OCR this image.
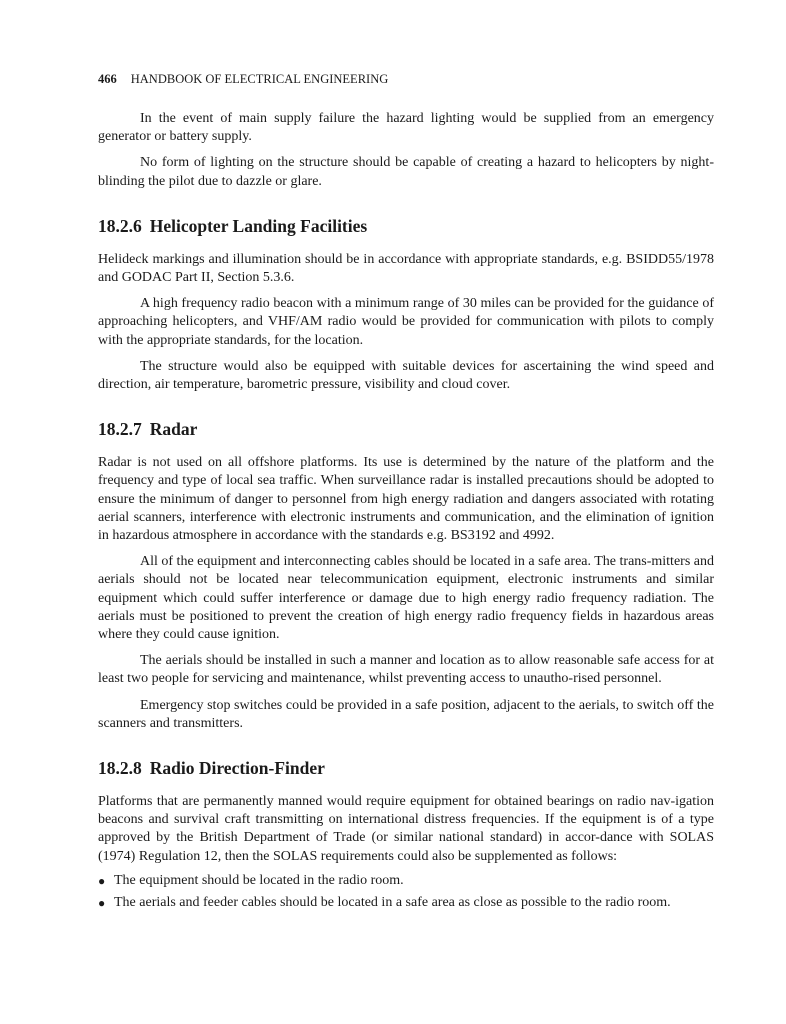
466 HANDBOOK OF ELECTRICAL ENGINEERING

In the event of main supply failure the hazard lighting would be supplied from an emergency generator or battery supply.

No form of lighting on the structure should be capable of creating a hazard to helicopters by night-blinding the pilot due to dazzle or glare.

18.2.6 Helicopter Landing Facilities

Helideck markings and illumination should be in accordance with appropriate standards, e.g. BSIDD55/1978 and GODAC Part II, Section 5.3.6.

A high frequency radio beacon with a minimum range of 30 miles can be provided for the guidance of approaching helicopters, and VHF/AM radio would be provided for communication with pilots to comply with the appropriate standards, for the location.

The structure would also be equipped with suitable devices for ascertaining the wind speed and direction, air temperature, barometric pressure, visibility and cloud cover.

18.2.7 Radar

Radar is not used on all offshore platforms. Its use is determined by the nature of the platform and the frequency and type of local sea traffic. When surveillance radar is installed precautions should be adopted to ensure the minimum of danger to personnel from high energy radiation and dangers associated with rotating aerial scanners, interference with electronic instruments and communication, and the elimination of ignition in hazardous atmosphere in accordance with the standards e.g. BS3192 and 4992.

All of the equipment and interconnecting cables should be located in a safe area. The trans-mitters and aerials should not be located near telecommunication equipment, electronic instruments and similar equipment which could suffer interference or damage due to high energy radio frequency radiation. The aerials must be positioned to prevent the creation of high energy radio frequency fields in hazardous areas where they could cause ignition.

The aerials should be installed in such a manner and location as to allow reasonable safe access for at least two people for servicing and maintenance, whilst preventing access to unautho-rised personnel.

Emergency stop switches could be provided in a safe position, adjacent to the aerials, to switch off the scanners and transmitters.

18.2.8 Radio Direction-Finder

Platforms that are permanently manned would require equipment for obtained bearings on radio nav-igation beacons and survival craft transmitting on international distress frequencies. If the equipment is of a type approved by the British Department of Trade (or similar national standard) in accor-dance with SOLAS (1974) Regulation 12, then the SOLAS requirements could also be supplemented as follows:

● The equipment should be located in the radio room.
● The aerials and feeder cables should be located in a safe area as close as possible to the radio room.
